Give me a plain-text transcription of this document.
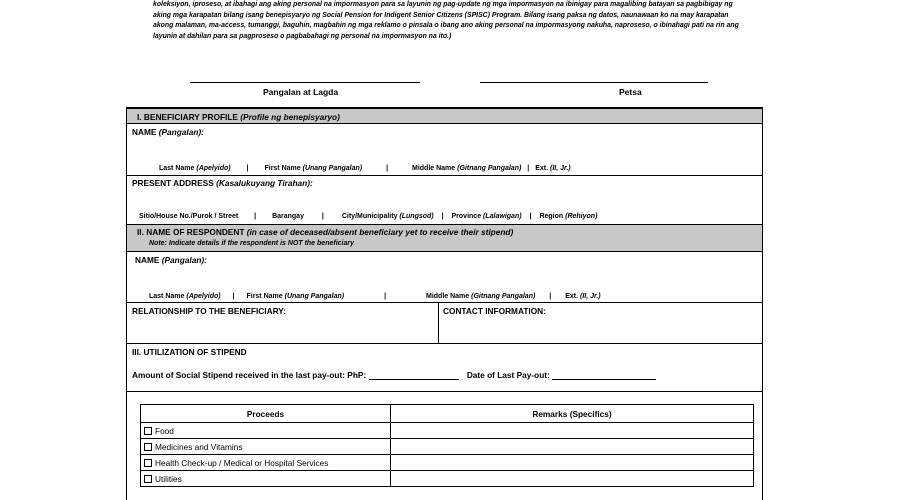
koleksiyon, iproseso, at ibahagi ang aking personal na impormasyon para sa layunin ng pag-update ng mga impormasyon na ibinigay para magalibing batayan sa pagbibigay ng aking mga karapatan bilang isang benepisyaryo ng Social Pension for Indigent Senior Citizens (SPISC) Program. Bilang isang paksa ng datos, naunawaan ko na may karapatan akong malaman, ma-access, tumanggi, baguhin, magbahin ng mga reklamo o pinsala o ibang ano aking personal na impormasyong nakuha, naproseso, o ibinahagi pati na rin ang layunin at dahilan para sa pagproseso o pagbabahagi ng personal na impormasyon na ito.)
Pangalan at Lagda	Petsa
I. BENEFICIARY PROFILE (Profile ng benepisyaryo)
NAME (Pangalan):
Last Name (Apelyido) | First Name (Unang Pangalan)	|	Middle Name (Gitnang Pangalan) | Ext. (II, Jr.)
PRESENT ADDRESS (Kasalukuyang Tirahan):
Sitio/House No./Purok / Street | Barangay	|	City/Municipality (Lungsod) | Province (Lalawigan) | Region (Rehiyon)
II. NAME OF RESPONDENT (in case of deceased/absent beneficiary yet to receive their stipend)
Note: Indicate details if the respondent is NOT the beneficiary
NAME (Pangalan):
Last Name (Apelyido) | First Name (Unang Pangalan)	|	Middle Name (Gitnang Pangalan) | Ext. (II, Jr.)
RELATIONSHIP TO THE BENEFICIARY:	CONTACT INFORMATION:
III. UTILIZATION OF STIPEND
Amount of Social Stipend received in the last pay-out: PhP:	Date of Last Pay-out:
Proceeds	Remarks (Specifics)
Food	
Medicines and Vitamins	
Health Check-up / Medical or Hospital Services	
Utilities	
